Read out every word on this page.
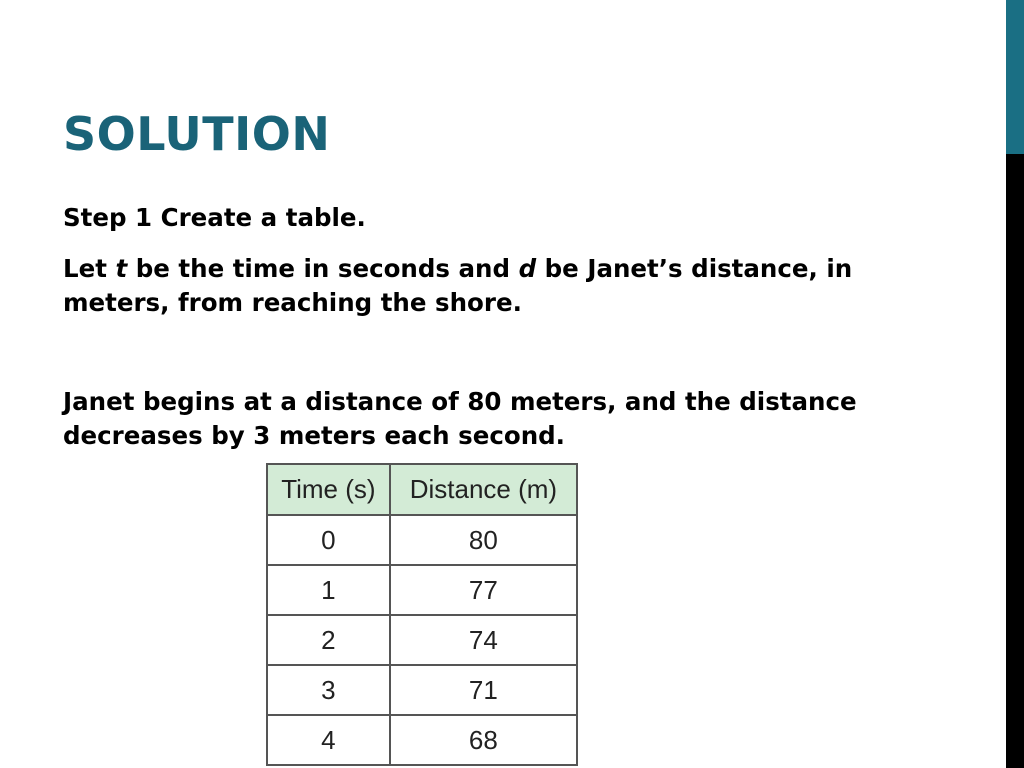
SOLUTION

Step 1 Create a table.

Let t be the time in seconds and d be Janet’s distance, in meters, from reaching the shore.

Janet begins at a distance of 80 meters, and the distance decreases by 3 meters each second.

Time (s)	Distance (m)
0	80
1	77
2	74
3	71
4	68
